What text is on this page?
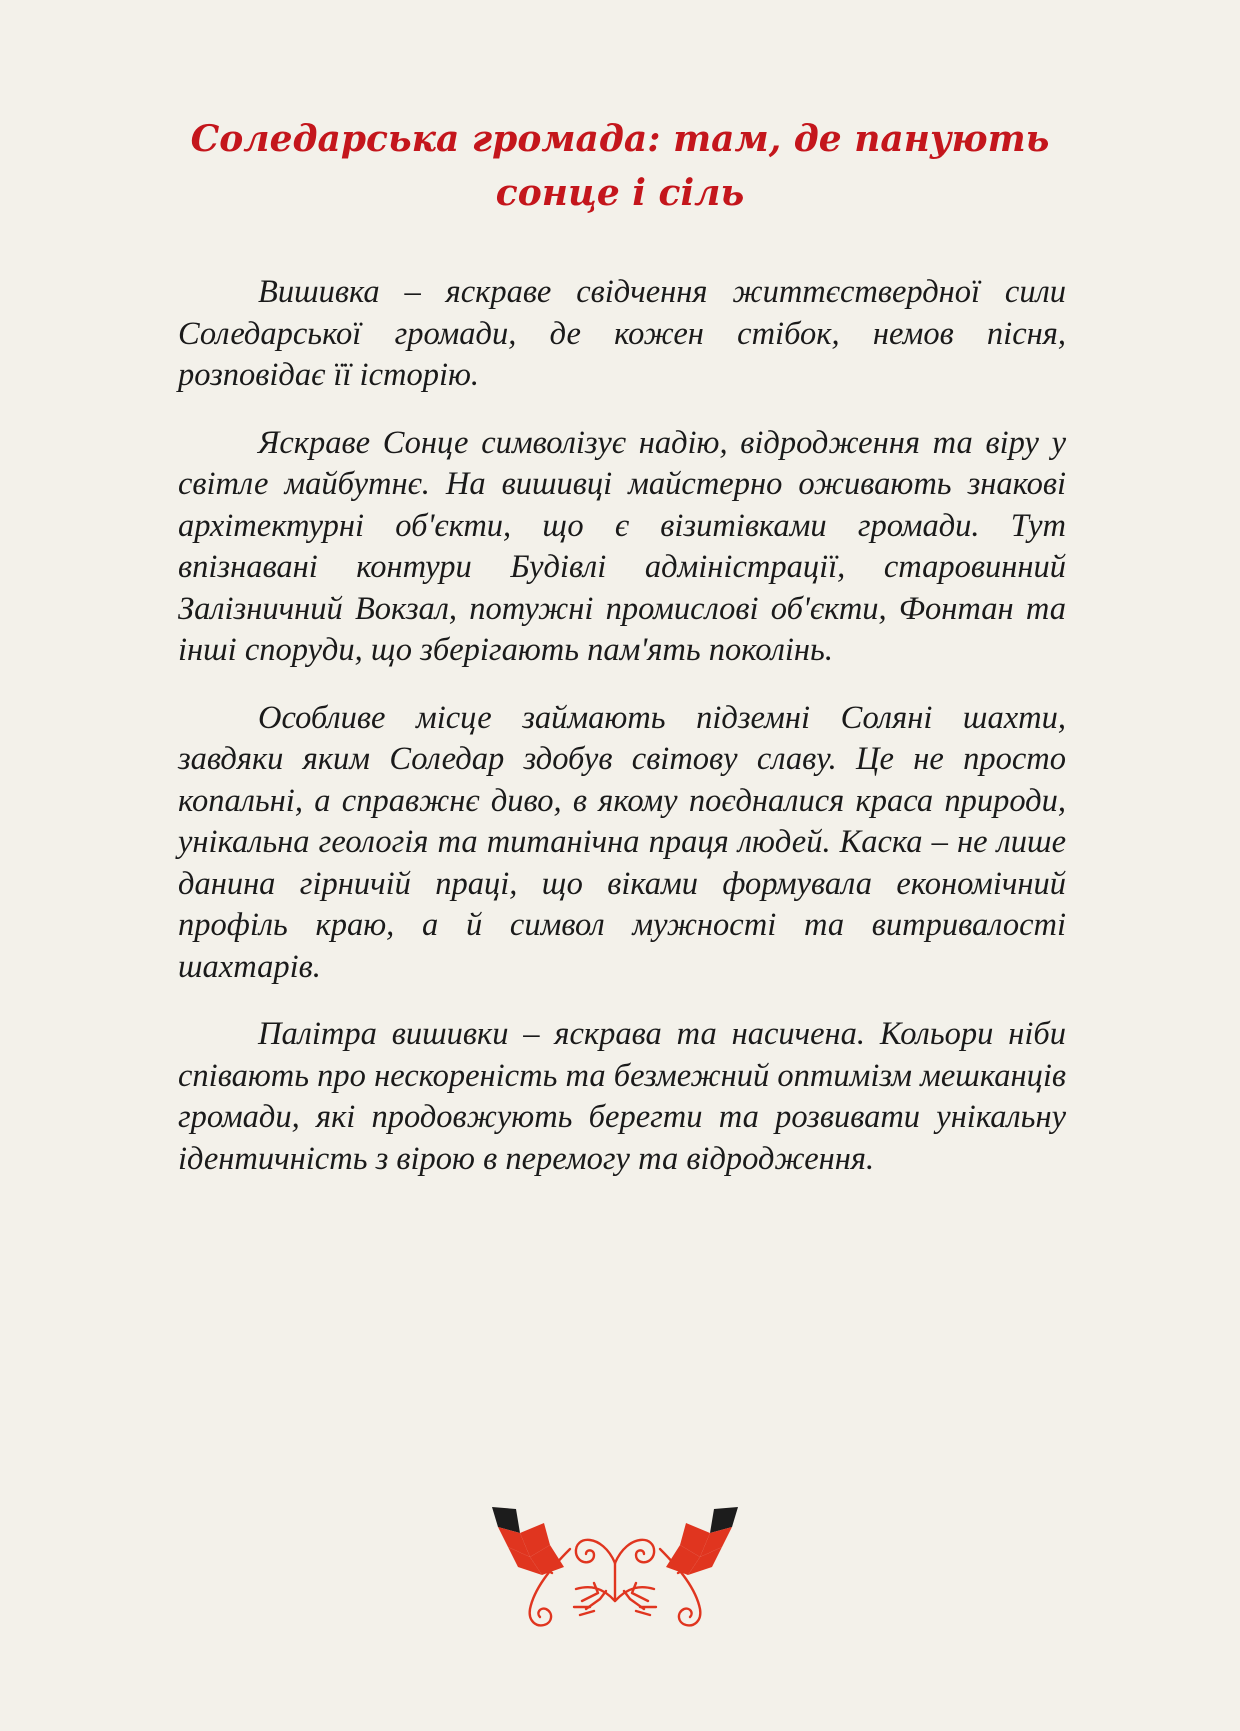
Соледарська громада: там, де панують
сонце і сіль

Вишивка – яскраве свідчення життєствердної сили Соледарської громади, де кожен стібок, немов пісня, розповідає її історію.

Яскраве Сонце символізує надію, відродження та віру у світле майбутнє. На вишивці майстерно оживають знакові архітектурні об'єкти, що є візитівками громади. Тут впізнавані контури Будівлі адміністрації, старовинний Залізничний Вокзал, потужні промислові об'єкти, Фонтан та інші споруди, що зберігають пам'ять поколінь.

Особливе місце займають підземні Соляні шахти, завдяки яким Соледар здобув світову славу. Це не просто копальні, а справжнє диво, в якому поєдналися краса природи, унікальна геологія та титанічна праця людей. Каска – не лише данина гірничій праці, що віками формувала економічний профіль краю, а й символ мужності та витривалості шахтарів.

Палітра вишивки – яскрава та насичена. Кольори ніби співають про нескореність та безмежний оптимізм мешканців громади, які продовжують берегти та розвивати унікальну ідентичність з вірою в перемогу та відродження.
